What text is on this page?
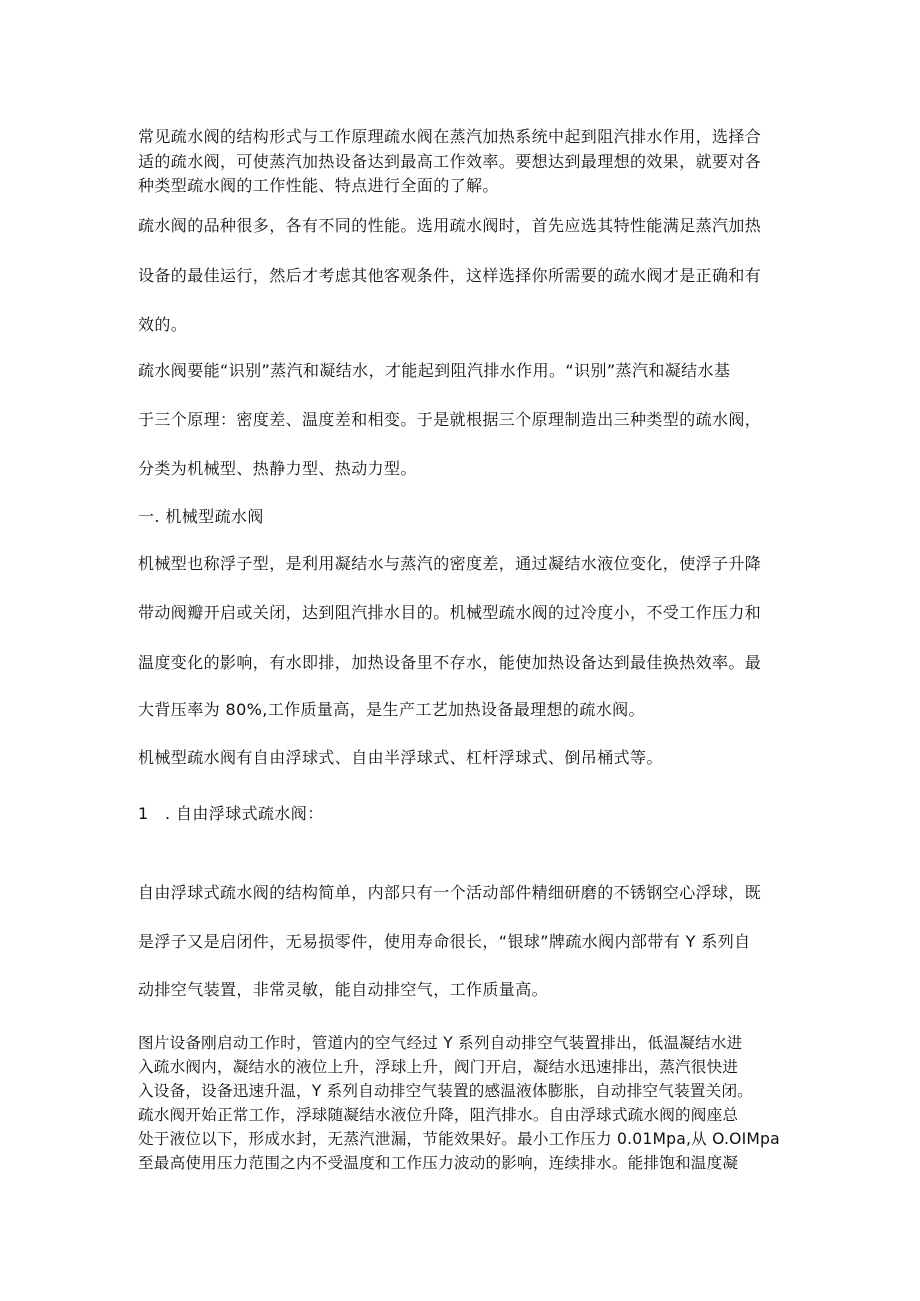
常见疏水阀的结构形式与工作原理疏水阀在蒸汽加热系统中起到阻汽排水作用，选择合

适的疏水阀，可使蒸汽加热设备达到最高工作效率。要想达到最理想的效果，就要对各

种类型疏水阀的工作性能、特点进行全面的了解。

疏水阀的品种很多，各有不同的性能。选用疏水阀时，首先应选其特性能满足蒸汽加热

设备的最佳运行，然后才考虑其他客观条件，这样选择你所需要的疏水阀才是正确和有

效的。

疏水阀要能“识别”蒸汽和凝结水，才能起到阻汽排水作用。“识别”蒸汽和凝结水基

于三个原理：密度差、温度差和相变。于是就根据三个原理制造出三种类型的疏水阀，

分类为机械型、热静力型、热动力型。

一. 机械型疏水阀

机械型也称浮子型，是利用凝结水与蒸汽的密度差，通过凝结水液位变化，使浮子升降

带动阀瓣开启或关闭，达到阻汽排水目的。机械型疏水阀的过冷度小，不受工作压力和

温度变化的影响，有水即排，加热设备里不存水，能使加热设备达到最佳换热效率。最

大背压率为 80%,工作质量高，是生产工艺加热设备最理想的疏水阀。

机械型疏水阀有自由浮球式、自由半浮球式、杠杆浮球式、倒吊桶式等。

1   . 自由浮球式疏水阀：

自由浮球式疏水阀的结构简单，内部只有一个活动部件精细研磨的不锈钢空心浮球，既

是浮子又是启闭件，无易损零件，使用寿命很长，“银球”牌疏水阀内部带有 Y 系列自

动排空气装置，非常灵敏，能自动排空气，工作质量高。

图片设备刚启动工作时，管道内的空气经过 Y 系列自动排空气装置排出，低温凝结水进

入疏水阀内，凝结水的液位上升，浮球上升，阀门开启，凝结水迅速排出，蒸汽很快进

入设备，设备迅速升温，Y 系列自动排空气装置的感温液体膨胀，自动排空气装置关闭。

疏水阀开始正常工作，浮球随凝结水液位升降，阻汽排水。自由浮球式疏水阀的阀座总

处于液位以下，形成水封，无蒸汽泄漏，节能效果好。最小工作压力 0.01Mpa,从 O.OIMpa

至最高使用压力范围之内不受温度和工作压力波动的影响，连续排水。能排饱和温度凝
